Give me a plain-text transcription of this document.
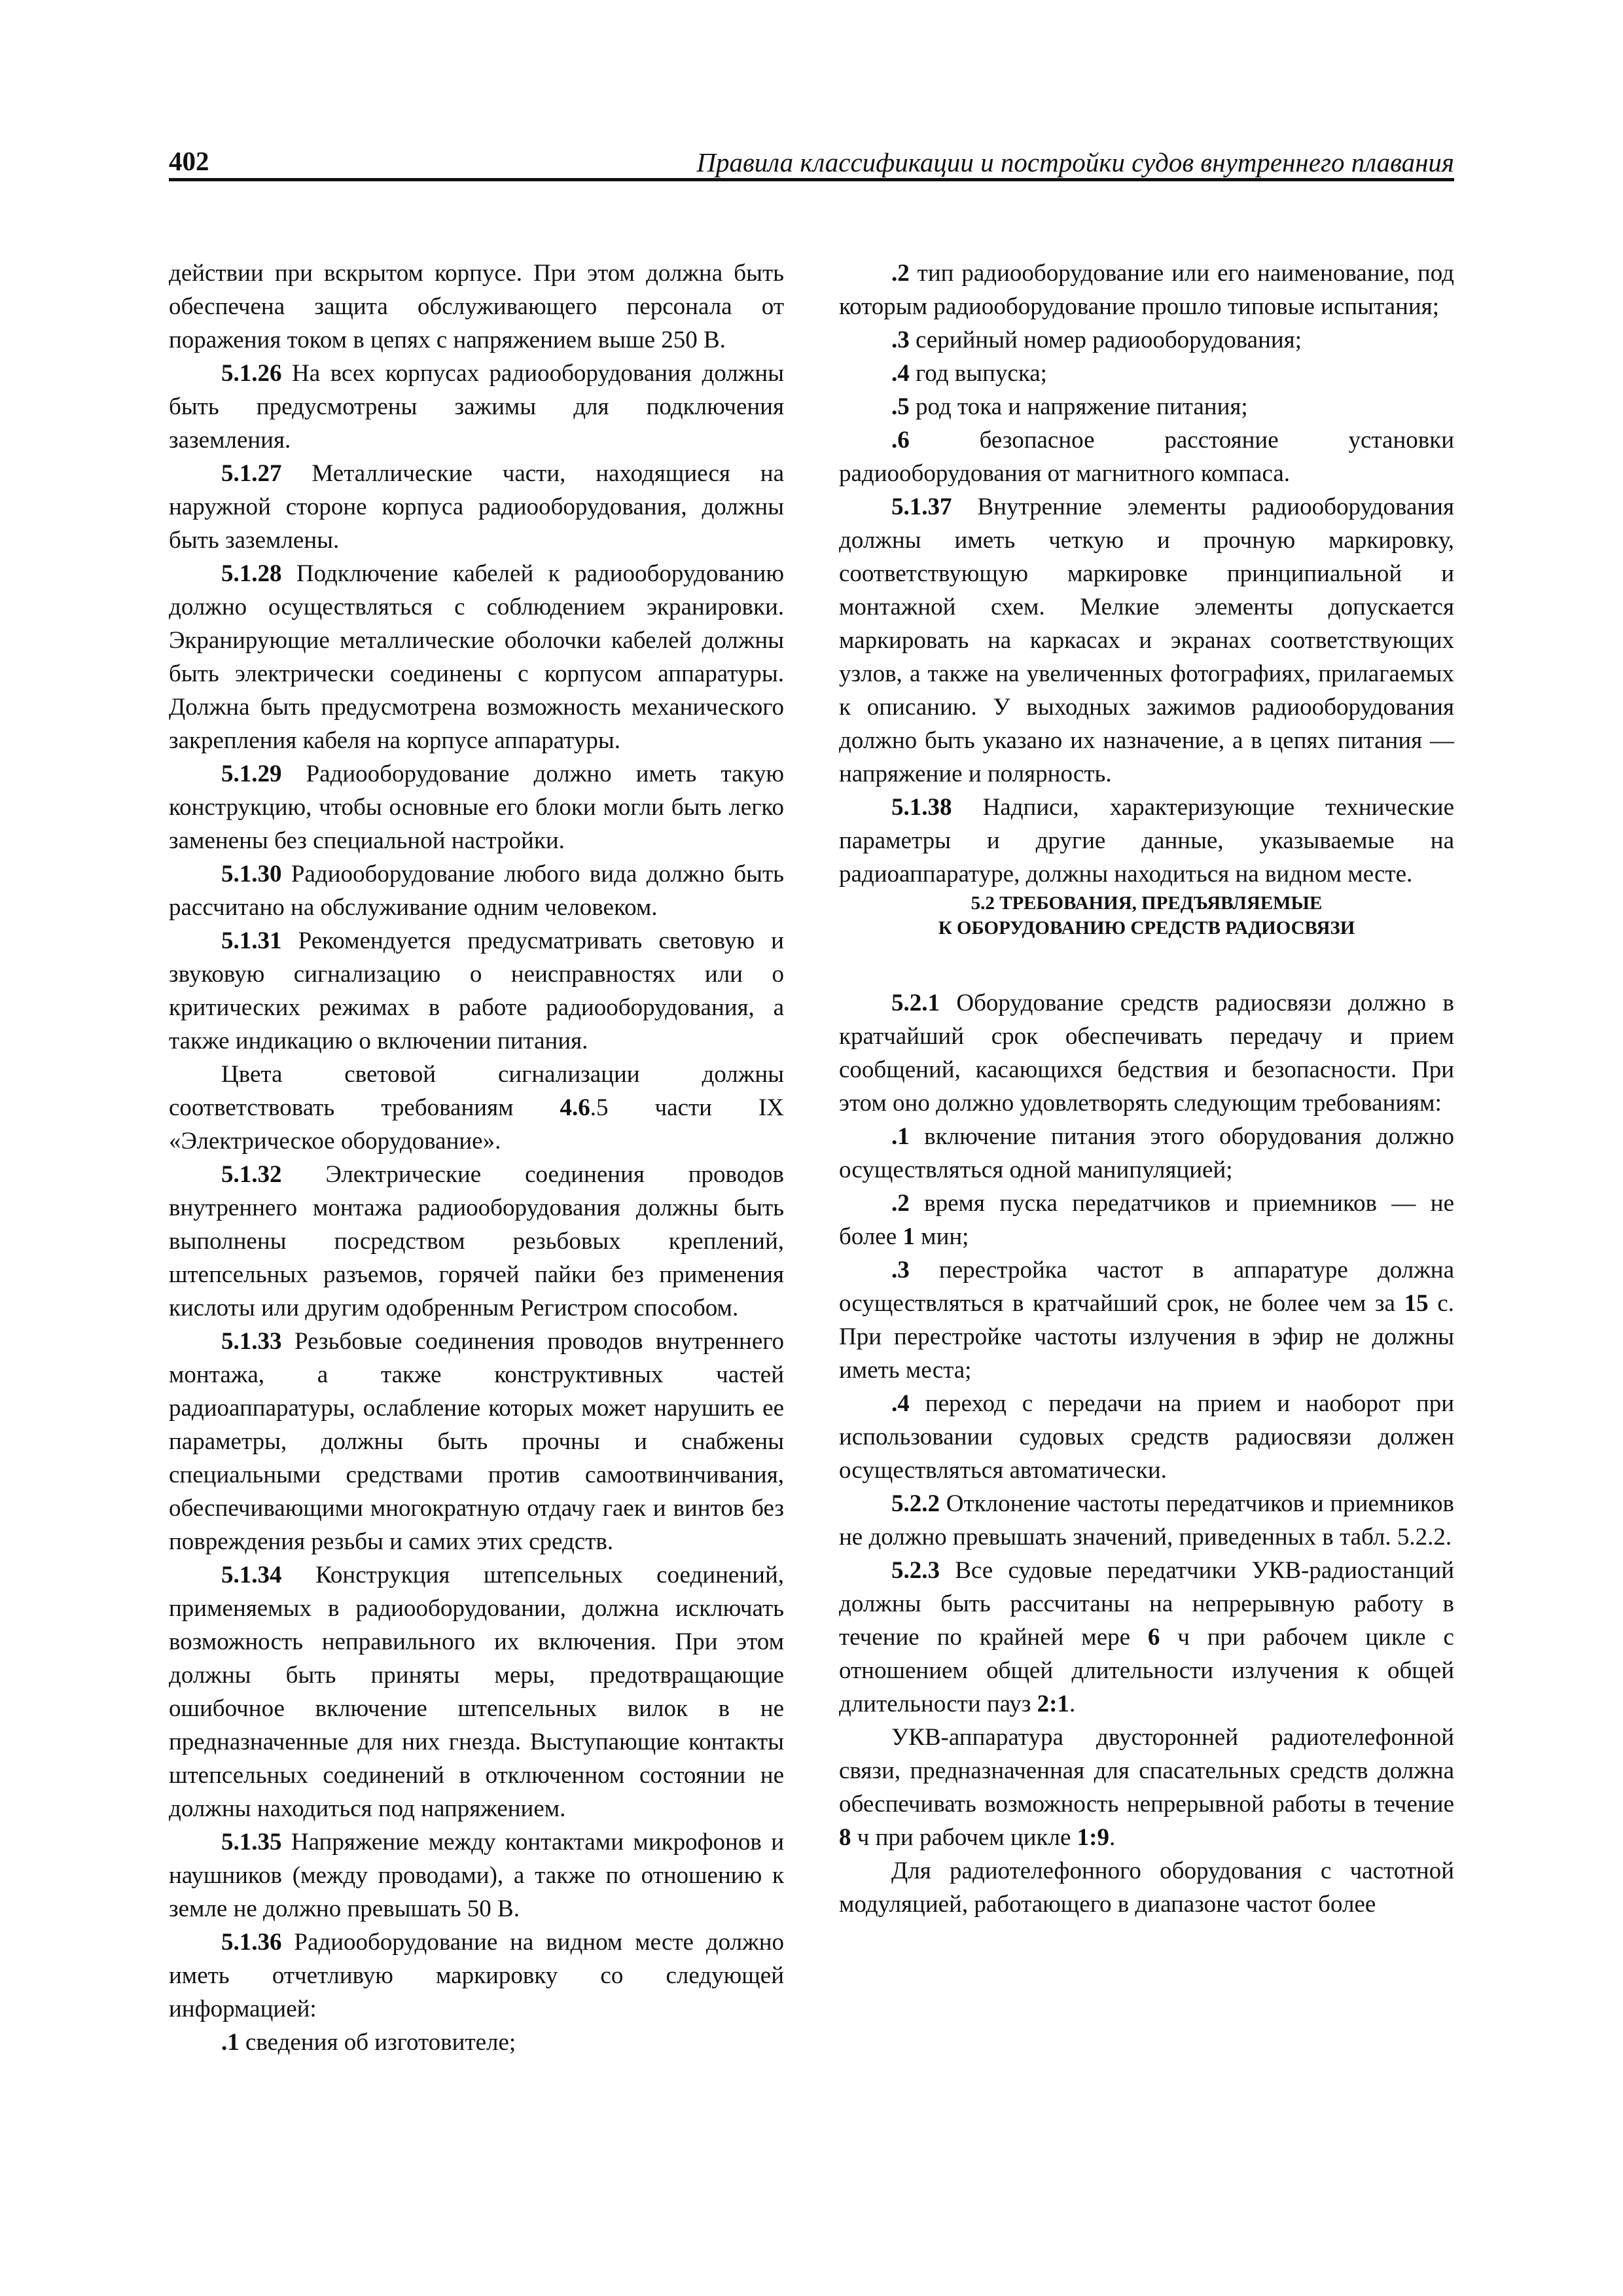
402	Правила классификации и постройки судов внутреннего плавания

действии при вскрытом корпусе. При этом должна быть обеспечена защита обслуживающего персонала от поражения током в цепях с напряжением выше 250 В.

5.1.26 На всех корпусах радиооборудования должны быть предусмотрены зажимы для подключения заземления.

5.1.27 Металлические части, находящиеся на наружной стороне корпуса радиооборудования, должны быть заземлены.

5.1.28 Подключение кабелей к радиооборудованию должно осуществляться с соблюдением экранировки. Экранирующие металлические оболочки кабелей должны быть электрически соединены с корпусом аппаратуры. Должна быть предусмотрена возможность механического закрепления кабеля на корпусе аппаратуры.

5.1.29 Радиооборудование должно иметь такую конструкцию, чтобы основные его блоки могли быть легко заменены без специальной настройки.

5.1.30 Радиооборудование любого вида должно быть рассчитано на обслуживание одним человеком.

5.1.31 Рекомендуется предусматривать световую и звуковую сигнализацию о неисправностях или о критических режимах в работе радиооборудования, а также индикацию о включении питания.

Цвета световой сигнализации должны соответствовать требованиям 4.6.5 части IX «Электрическое оборудование».

5.1.32 Электрические соединения проводов внутреннего монтажа радиооборудования должны быть выполнены посредством резьбовых креплений, штепсельных разъемов, горячей пайки без применения кислоты или другим одобренным Регистром способом.

5.1.33 Резьбовые соединения проводов внутреннего монтажа, а также конструктивных частей радиоаппаратуры, ослабление которых может нарушить ее параметры, должны быть прочны и снабжены специальными средствами против самоотвинчивания, обеспечивающими многократную отдачу гаек и винтов без повреждения резьбы и самих этих средств.

5.1.34 Конструкция штепсельных соединений, применяемых в радиооборудовании, должна исключать возможность неправильного их включения. При этом должны быть приняты меры, предотвращающие ошибочное включение штепсельных вилок в не предназначенные для них гнезда. Выступающие контакты штепсельных соединений в отключенном состоянии не должны находиться под напряжением.

5.1.35 Напряжение между контактами микрофонов и наушников (между проводами), а также по отношению к земле не должно превышать 50 В.

5.1.36 Радиооборудование на видном месте должно иметь отчетливую маркировку со следующей информацией:

.1 сведения об изготовителе;

.2 тип радиооборудование или его наименование, под которым радиооборудование прошло типовые испытания;

.3 серийный номер радиооборудования;

.4 год выпуска;

.5 род тока и напряжение питания;

.6 безопасное расстояние установки радиооборудования от магнитного компаса.

5.1.37 Внутренние элементы радиооборудования должны иметь четкую и прочную маркировку, соответствующую маркировке принципиальной и монтажной схем. Мелкие элементы допускается маркировать на каркасах и экранах соответствующих узлов, а также на увеличенных фотографиях, прилагаемых к описанию. У выходных зажимов радиооборудования должно быть указано их назначение, а в цепях питания — напряжение и полярность.

5.1.38 Надписи, характеризующие технические параметры и другие данные, указываемые на радиоаппаратуре, должны находиться на видном месте.

5.2 ТРЕБОВАНИЯ, ПРЕДЪЯВЛЯЕМЫЕ
К ОБОРУДОВАНИЮ СРЕДСТВ РАДИОСВЯЗИ

5.2.1 Оборудование средств радиосвязи должно в кратчайший срок обеспечивать передачу и прием сообщений, касающихся бедствия и безопасности. При этом оно должно удовлетворять следующим требованиям:

.1 включение питания этого оборудования должно осуществляться одной манипуляцией;

.2 время пуска передатчиков и приемников — не более 1 мин;

.3 перестройка частот в аппаратуре должна осуществляться в кратчайший срок, не более чем за 15 с. При перестройке частоты излучения в эфир не должны иметь места;

.4 переход с передачи на прием и наоборот при использовании судовых средств радиосвязи должен осуществляться автоматически.

5.2.2 Отклонение частоты передатчиков и приемников не должно превышать значений, приведенных в табл. 5.2.2.

5.2.3 Все судовые передатчики УКВ-радиостанций должны быть рассчитаны на непрерывную работу в течение по крайней мере 6 ч при рабочем цикле с отношением общей длительности излучения к общей длительности пауз 2:1.

УКВ-аппаратура двусторонней радиотелефонной связи, предназначенная для спасательных средств должна обеспечивать возможность непрерывной работы в течение 8 ч при рабочем цикле 1:9.

Для радиотелефонного оборудования с частотной модуляцией, работающего в диапазоне частот более
